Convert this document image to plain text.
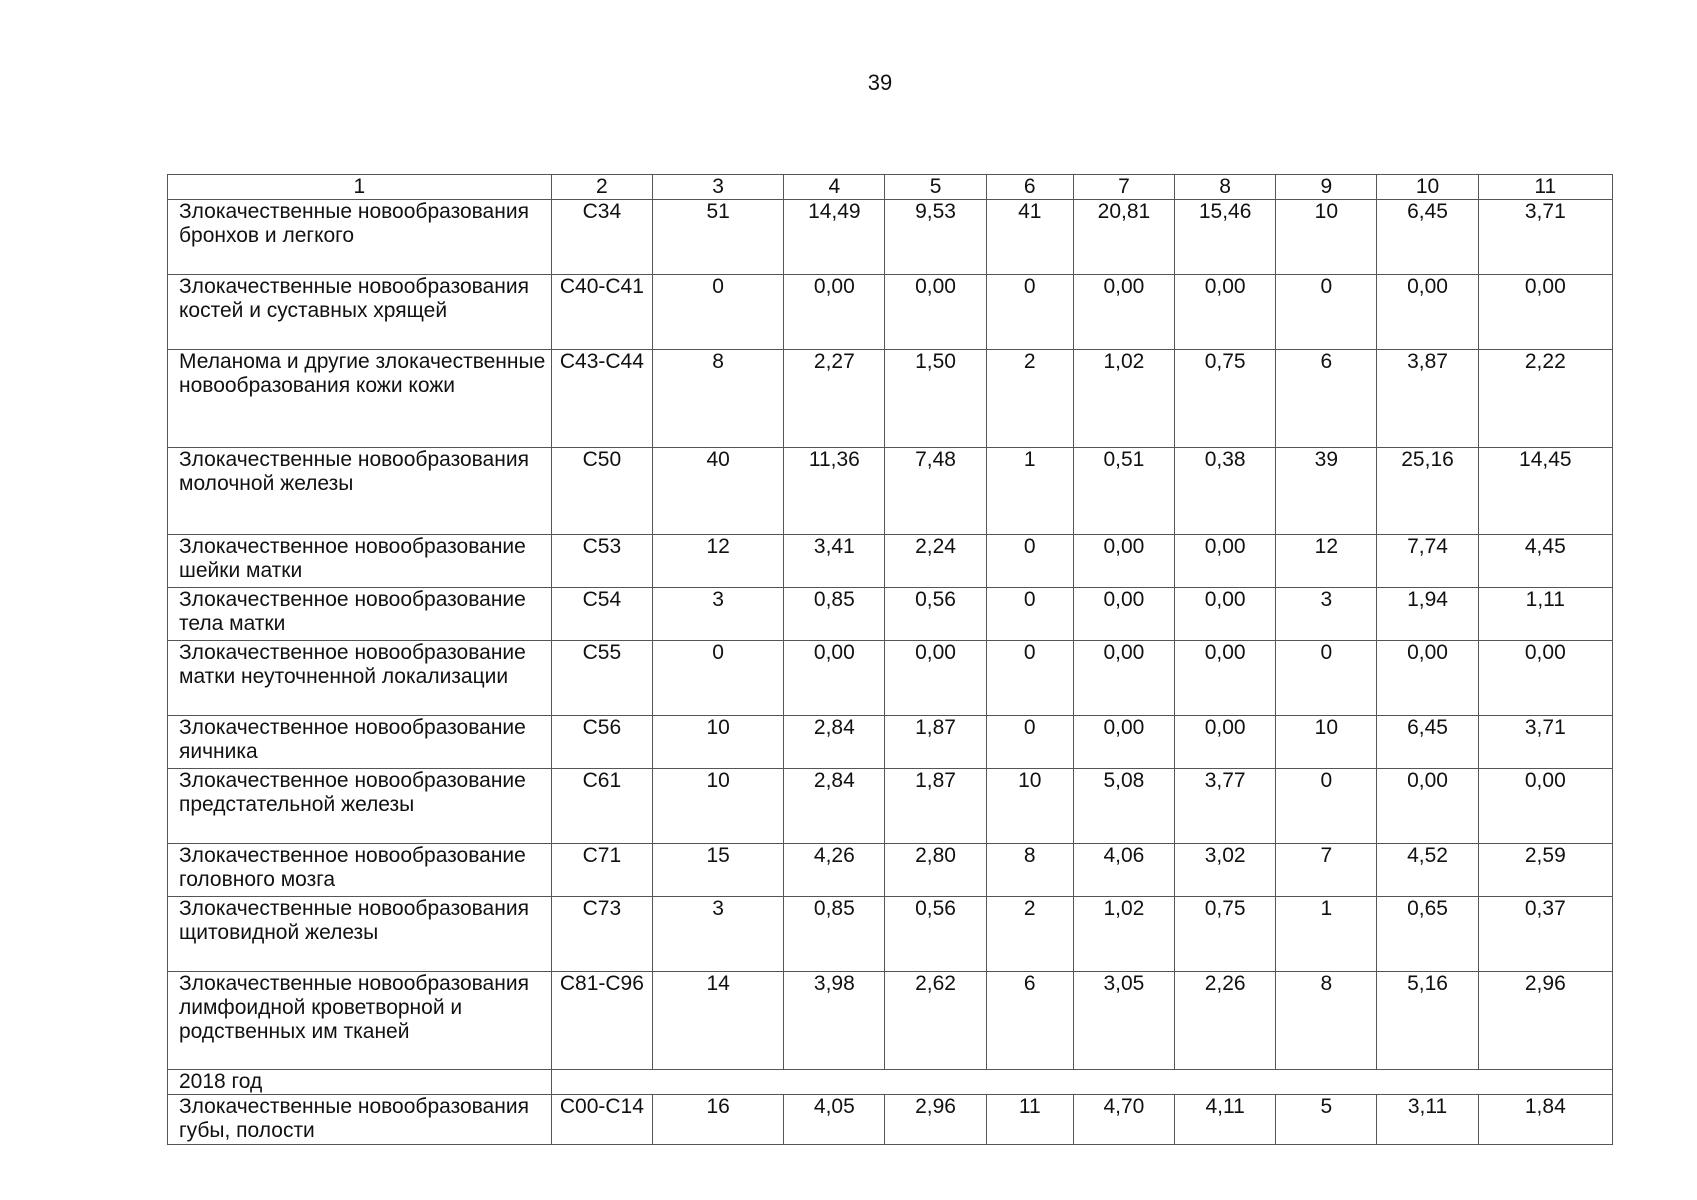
39
1	2	3	4	5	6	7	8	9	10	11
Злокачественные новообразования бронхов и легкого	C34	51	14,49	9,53	41	20,81	15,46	10	6,45	3,71
Злокачественные новообразования костей и суставных хрящей	C40-C41	0	0,00	0,00	0	0,00	0,00	0	0,00	0,00
Меланома и другие злокачественные новообразования кожи кожи	C43-C44	8	2,27	1,50	2	1,02	0,75	6	3,87	2,22
Злокачественные новообразования молочной железы	C50	40	11,36	7,48	1	0,51	0,38	39	25,16	14,45
Злокачественное новообразование шейки матки	C53	12	3,41	2,24	0	0,00	0,00	12	7,74	4,45
Злокачественное новообразование тела матки	C54	3	0,85	0,56	0	0,00	0,00	3	1,94	1,11
Злокачественное новообразование матки неуточненной локализации	C55	0	0,00	0,00	0	0,00	0,00	0	0,00	0,00
Злокачественное новообразование яичника	C56	10	2,84	1,87	0	0,00	0,00	10	6,45	3,71
Злокачественное новообразование предстательной железы	C61	10	2,84	1,87	10	5,08	3,77	0	0,00	0,00
Злокачественное новообразование головного мозга	C71	15	4,26	2,80	8	4,06	3,02	7	4,52	2,59
Злокачественные новообразования щитовидной железы	C73	3	0,85	0,56	2	1,02	0,75	1	0,65	0,37
Злокачественные новообразования лимфоидной кроветворной и родственных им тканей	C81-C96	14	3,98	2,62	6	3,05	2,26	8	5,16	2,96
2018 год										
Злокачественные новообразования губы, полости	C00-C14	16	4,05	2,96	11	4,70	4,11	5	3,11	1,84
